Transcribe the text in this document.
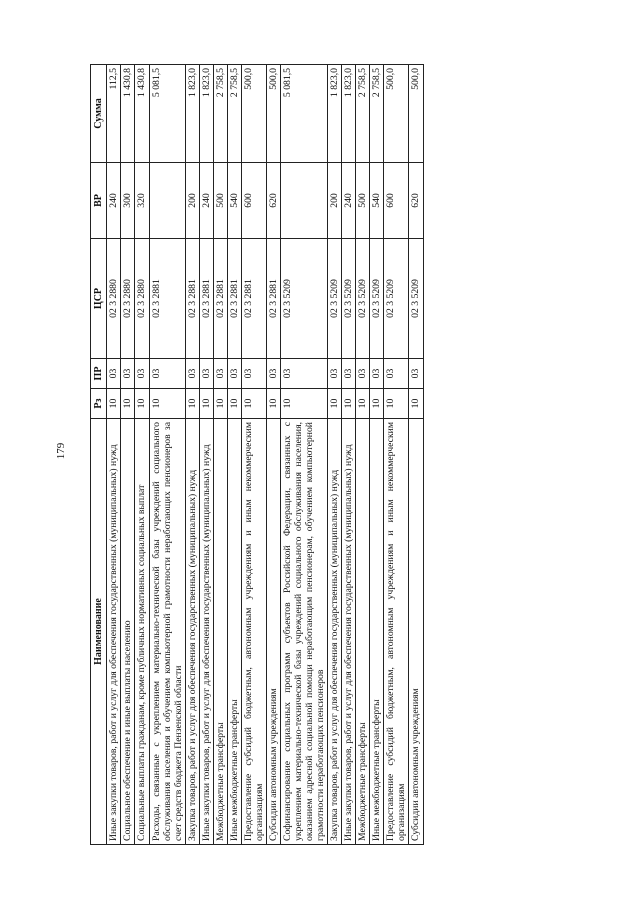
179
Наименование	Рз	ПР	ЦСР	ВР	Сумма
Иные закупки товаров, работ и услуг для обеспечения государственных (муниципальных) нужд	10	03	02 3 2880	240	112,5
Социальное обеспечение и иные выплаты населению	10	03	02 3 2880	300	1 430,8
Социальные выплаты гражданам, кроме публичных нормативных социальных выплат	10	03	02 3 2880	320	1 430,8
Расходы, связанные с укреплением материально-технической базы учреждений социального обслуживания населения и обучением компьютерной грамотности неработающих пенсионеров за счет средств бюджета Пензенской области	10	03	02 3 2881		5 081,5
Закупка товаров, работ и услуг для обеспечения государственных (муниципальных) нужд	10	03	02 3 2881	200	1 823,0
Иные закупки товаров, работ и услуг для обеспечения государственных (муниципальных) нужд	10	03	02 3 2881	240	1 823,0
Межбюджетные трансферты	10	03	02 3 2881	500	2 758,5
Иные межбюджетные трансферты	10	03	02 3 2881	540	2 758,5
Предоставление субсидий бюджетным, автономным учреждениям и иным некоммерческим организациям	10	03	02 3 2881	600	500,0
Субсидии автономным учреждениям	10	03	02 3 2881	620	500,0
Софинансирование социальных программ субъектов Российской Федерации, связанных с укреплением материально-технической базы учреждений социального обслуживания населения, оказанием адресной социальной помощи неработающим пенсионерам, обучением компьютерной грамотности неработающих пенсионеров	10	03	02 3 5209		5 081,5
Закупка товаров, работ и услуг для обеспечения государственных (муниципальных) нужд	10	03	02 3 5209	200	1 823,0
Иные закупки товаров, работ и услуг для обеспечения государственных (муниципальных) нужд	10	03	02 3 5209	240	1 823,0
Межбюджетные трансферты	10	03	02 3 5209	500	2 758,5
Иные межбюджетные трансферты	10	03	02 3 5209	540	2 758,5
Предоставление субсидий бюджетным, автономным учреждениям и иным некоммерческим организациям	10	03	02 3 5209	600	500,0
Субсидии автономным учреждениям	10	03	02 3 5209	620	500,0
